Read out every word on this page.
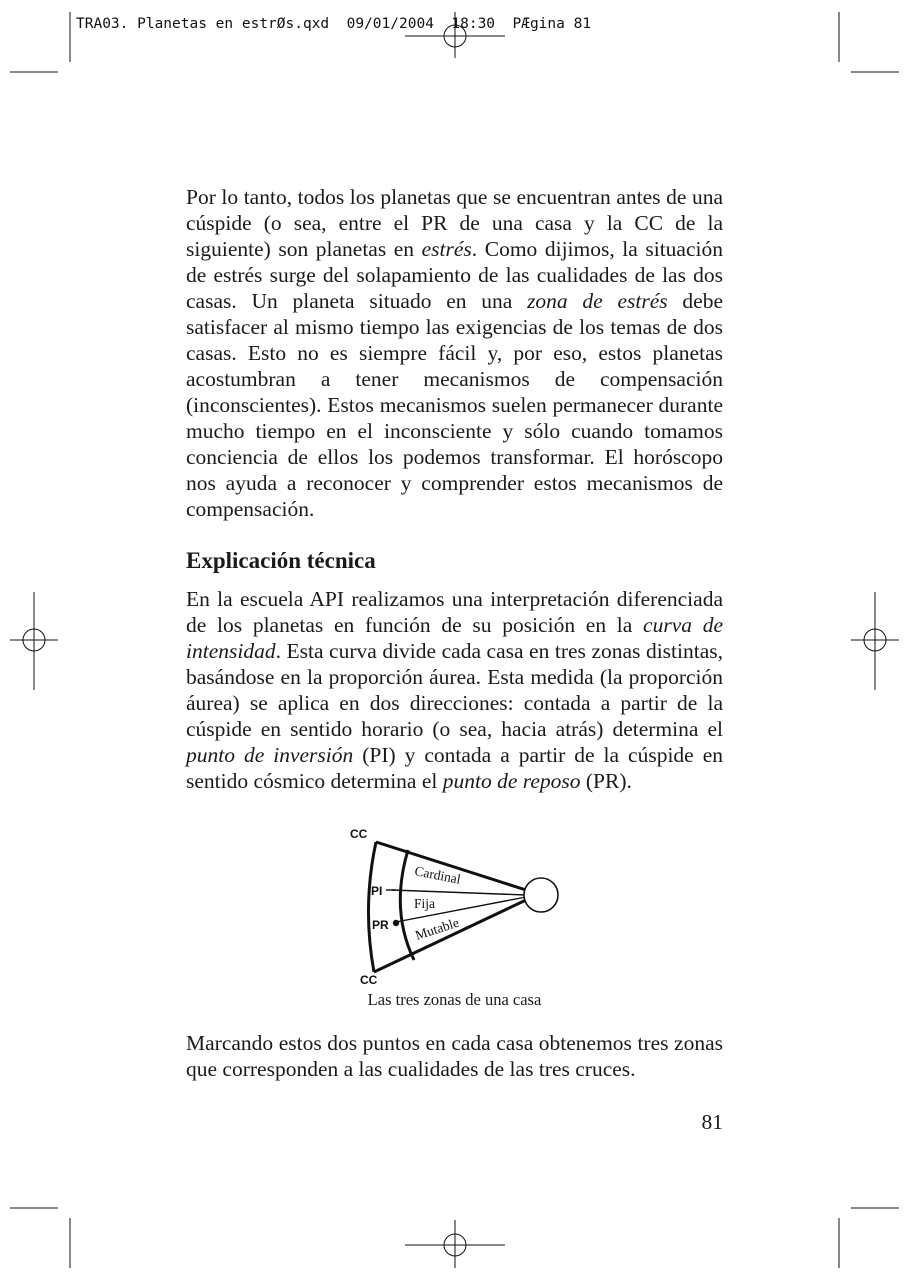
TRA03. Planetas en estrØs.qxd  09/01/2004  18:30  PÆgina 81

Por lo tanto, todos los planetas que se encuentran antes de una cúspide (o sea, entre el PR de una casa y la CC de la siguiente) son planetas en estrés. Como dijimos, la situación de estrés surge del solapamiento de las cualidades de las dos casas. Un planeta situado en una zona de estrés debe satisfacer al mismo tiempo las exigencias de los temas de dos casas. Esto no es siempre fácil y, por eso, estos planetas acostumbran a tener mecanismos de compensación (inconscientes). Estos mecanismos suelen permanecer durante mucho tiempo en el inconsciente y sólo cuando tomamos conciencia de ellos los podemos transformar. El horóscopo nos ayuda a reconocer y comprender estos mecanismos de compensación.

Explicación técnica

En la escuela API realizamos una interpretación diferenciada de los planetas en función de su posición en la curva de intensidad. Esta curva divide cada casa en tres zonas distintas, basándose en la proporción áurea. Esta medida (la proporción áurea) se aplica en dos direcciones: contada a partir de la cúspide en sentido horario (o sea, hacia atrás) determina el punto de inversión (PI) y contada a partir de la cúspide en sentido cósmico determina el punto de reposo (PR).

CC
PI
PR
CC
Cardinal
Fija
Mutable
Las tres zonas de una casa

Marcando estos dos puntos en cada casa obtenemos tres zonas que corresponden a las cualidades de las tres cruces.

81
